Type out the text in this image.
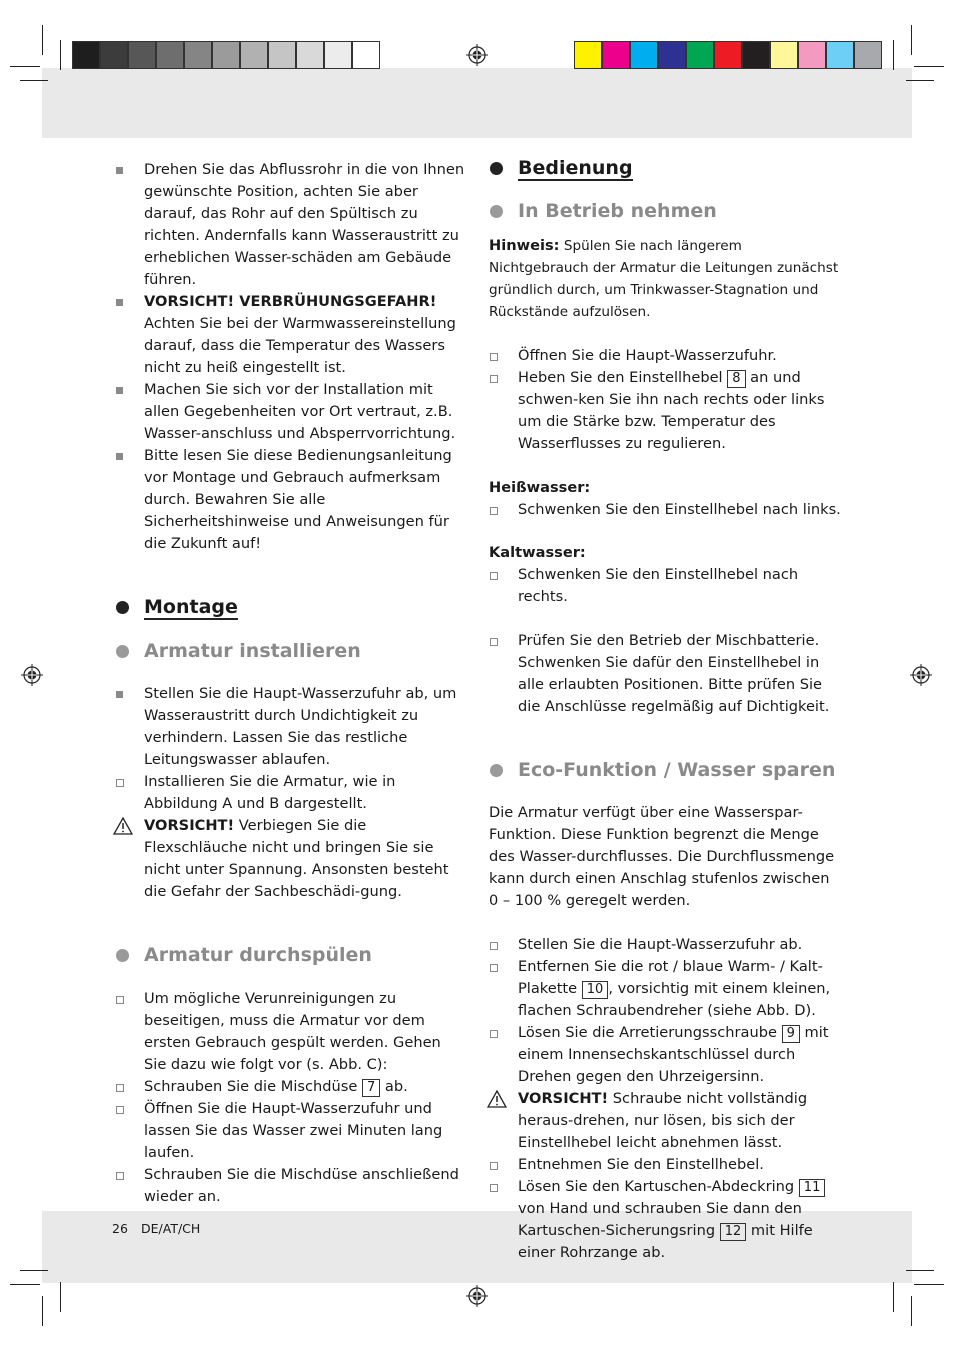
Drehen Sie das Abflussrohr in die von Ihnen gewünschte Position, achten Sie aber darauf, das Rohr auf den Spültisch zu richten. Andernfalls kann Wasseraustritt zu erheblichen Wasser-schäden am Gebäude führen.
VORSICHT! VERBRÜHUNGSGEFAHR!
Achten Sie bei der Warmwassereinstellung darauf, dass die Temperatur des Wassers nicht zu heiß eingestellt ist.
Machen Sie sich vor der Installation mit allen Gegebenheiten vor Ort vertraut, z.B. Wasser-anschluss und Absperrvorrichtung.
Bitte lesen Sie diese Bedienungsanleitung vor Montage und Gebrauch aufmerksam durch. Bewahren Sie alle Sicherheitshinweise und Anweisungen für die Zukunft auf!
Montage
Armatur installieren
Stellen Sie die Haupt-Wasserzufuhr ab, um Wasseraustritt durch Undichtigkeit zu verhindern. Lassen Sie das restliche Leitungswasser ablaufen.
Installieren Sie die Armatur, wie in Abbildung A und B dargestellt.
VORSICHT! Verbiegen Sie die Flexschläuche nicht und bringen Sie sie nicht unter Spannung. Ansonsten besteht die Gefahr der Sachbeschädi-gung.
Armatur durchspülen
Um mögliche Verunreinigungen zu beseitigen, muss die Armatur vor dem ersten Gebrauch gespült werden. Gehen Sie dazu wie folgt vor (s. Abb. C):
Schrauben Sie die Mischdüse 7 ab.
Öffnen Sie die Haupt-Wasserzufuhr und lassen Sie das Wasser zwei Minuten lang laufen.
Schrauben Sie die Mischdüse anschließend wieder an.
Bedienung
In Betrieb nehmen
Hinweis: Spülen Sie nach längerem Nichtgebrauch der Armatur die Leitungen zunächst gründlich durch, um Trinkwasser-Stagnation und Rückstände aufzulösen.
Öffnen Sie die Haupt-Wasserzufuhr.
Heben Sie den Einstellhebel 8 an und schwen-ken Sie ihn nach rechts oder links um die Stärke bzw. Temperatur des Wasserflusses zu regulieren.
Heißwasser:
Schwenken Sie den Einstellhebel nach links.
Kaltwasser:
Schwenken Sie den Einstellhebel nach rechts.
Prüfen Sie den Betrieb der Mischbatterie. Schwenken Sie dafür den Einstellhebel in alle erlaubten Positionen. Bitte prüfen Sie die Anschlüsse regelmäßig auf Dichtigkeit.
Eco-Funktion / Wasser sparen
Die Armatur verfügt über eine Wasserspar-Funktion. Diese Funktion begrenzt die Menge des Wasser-durchflusses. Die Durchflussmenge kann durch einen Anschlag stufenlos zwischen 0 – 100 % geregelt werden.
Stellen Sie die Haupt-Wasserzufuhr ab.
Entfernen Sie die rot / blaue Warm- / Kalt-Plakette 10 , vorsichtig mit einem kleinen, flachen Schraubendreher (siehe Abb. D).
Lösen Sie die Arretierungsschraube 9 mit einem Innensechskantschlüssel durch Drehen gegen den Uhrzeigersinn.
VORSICHT! Schraube nicht vollständig heraus-drehen, nur lösen, bis sich der Einstellhebel leicht abnehmen lässt.
Entnehmen Sie den Einstellhebel.
Lösen Sie den Kartuschen-Abdeckring 11 von Hand und schrauben Sie dann den Kartuschen-Sicherungsring 12 mit Hilfe einer Rohrzange ab.
26 DE/AT/CH
